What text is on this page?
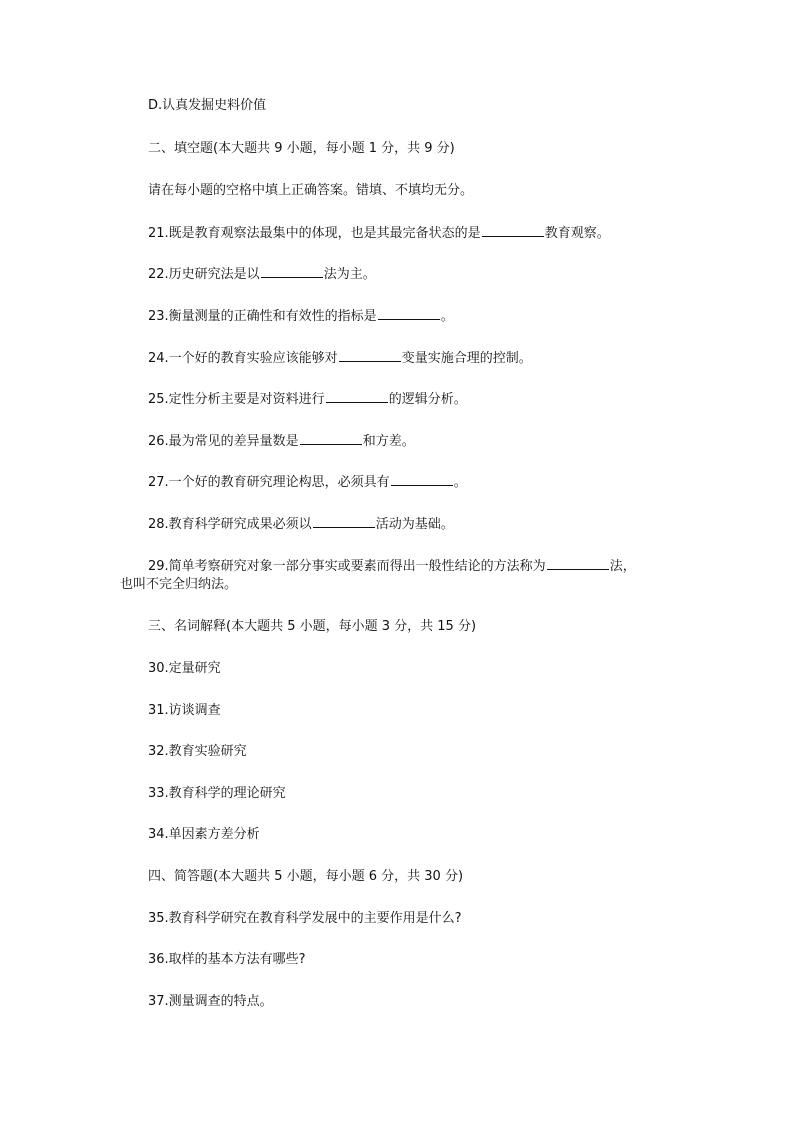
D.认真发掘史料价值
二、填空题(本大题共 9 小题，每小题 1 分，共 9 分)
请在每小题的空格中填上正确答案。错填、不填均无分。
21.既是教育观察法最集中的体现，也是其最完备状态的是	教育观察。
22.历史研究法是以	法为主。
23.衡量测量的正确性和有效性的指标是	。
24.一个好的教育实验应该能够对	变量实施合理的控制。
25.定性分析主要是对资料进行	的逻辑分析。
26.最为常见的差异量数是	和方差。
27.一个好的教育研究理论构思，必须具有	。
28.教育科学研究成果必须以	活动为基础。
29.简单考察研究对象一部分事实或要素而得出一般性结论的方法称为	法，
也叫不完全归纳法。
三、名词解释(本大题共 5 小题，每小题 3 分，共 15 分)
30.定量研究
31.访谈调查
32.教育实验研究
33.教育科学的理论研究
34.单因素方差分析
四、简答题(本大题共 5 小题，每小题 6 分，共 30 分)
35.教育科学研究在教育科学发展中的主要作用是什么?
36.取样的基本方法有哪些?
37.测量调查的特点。
